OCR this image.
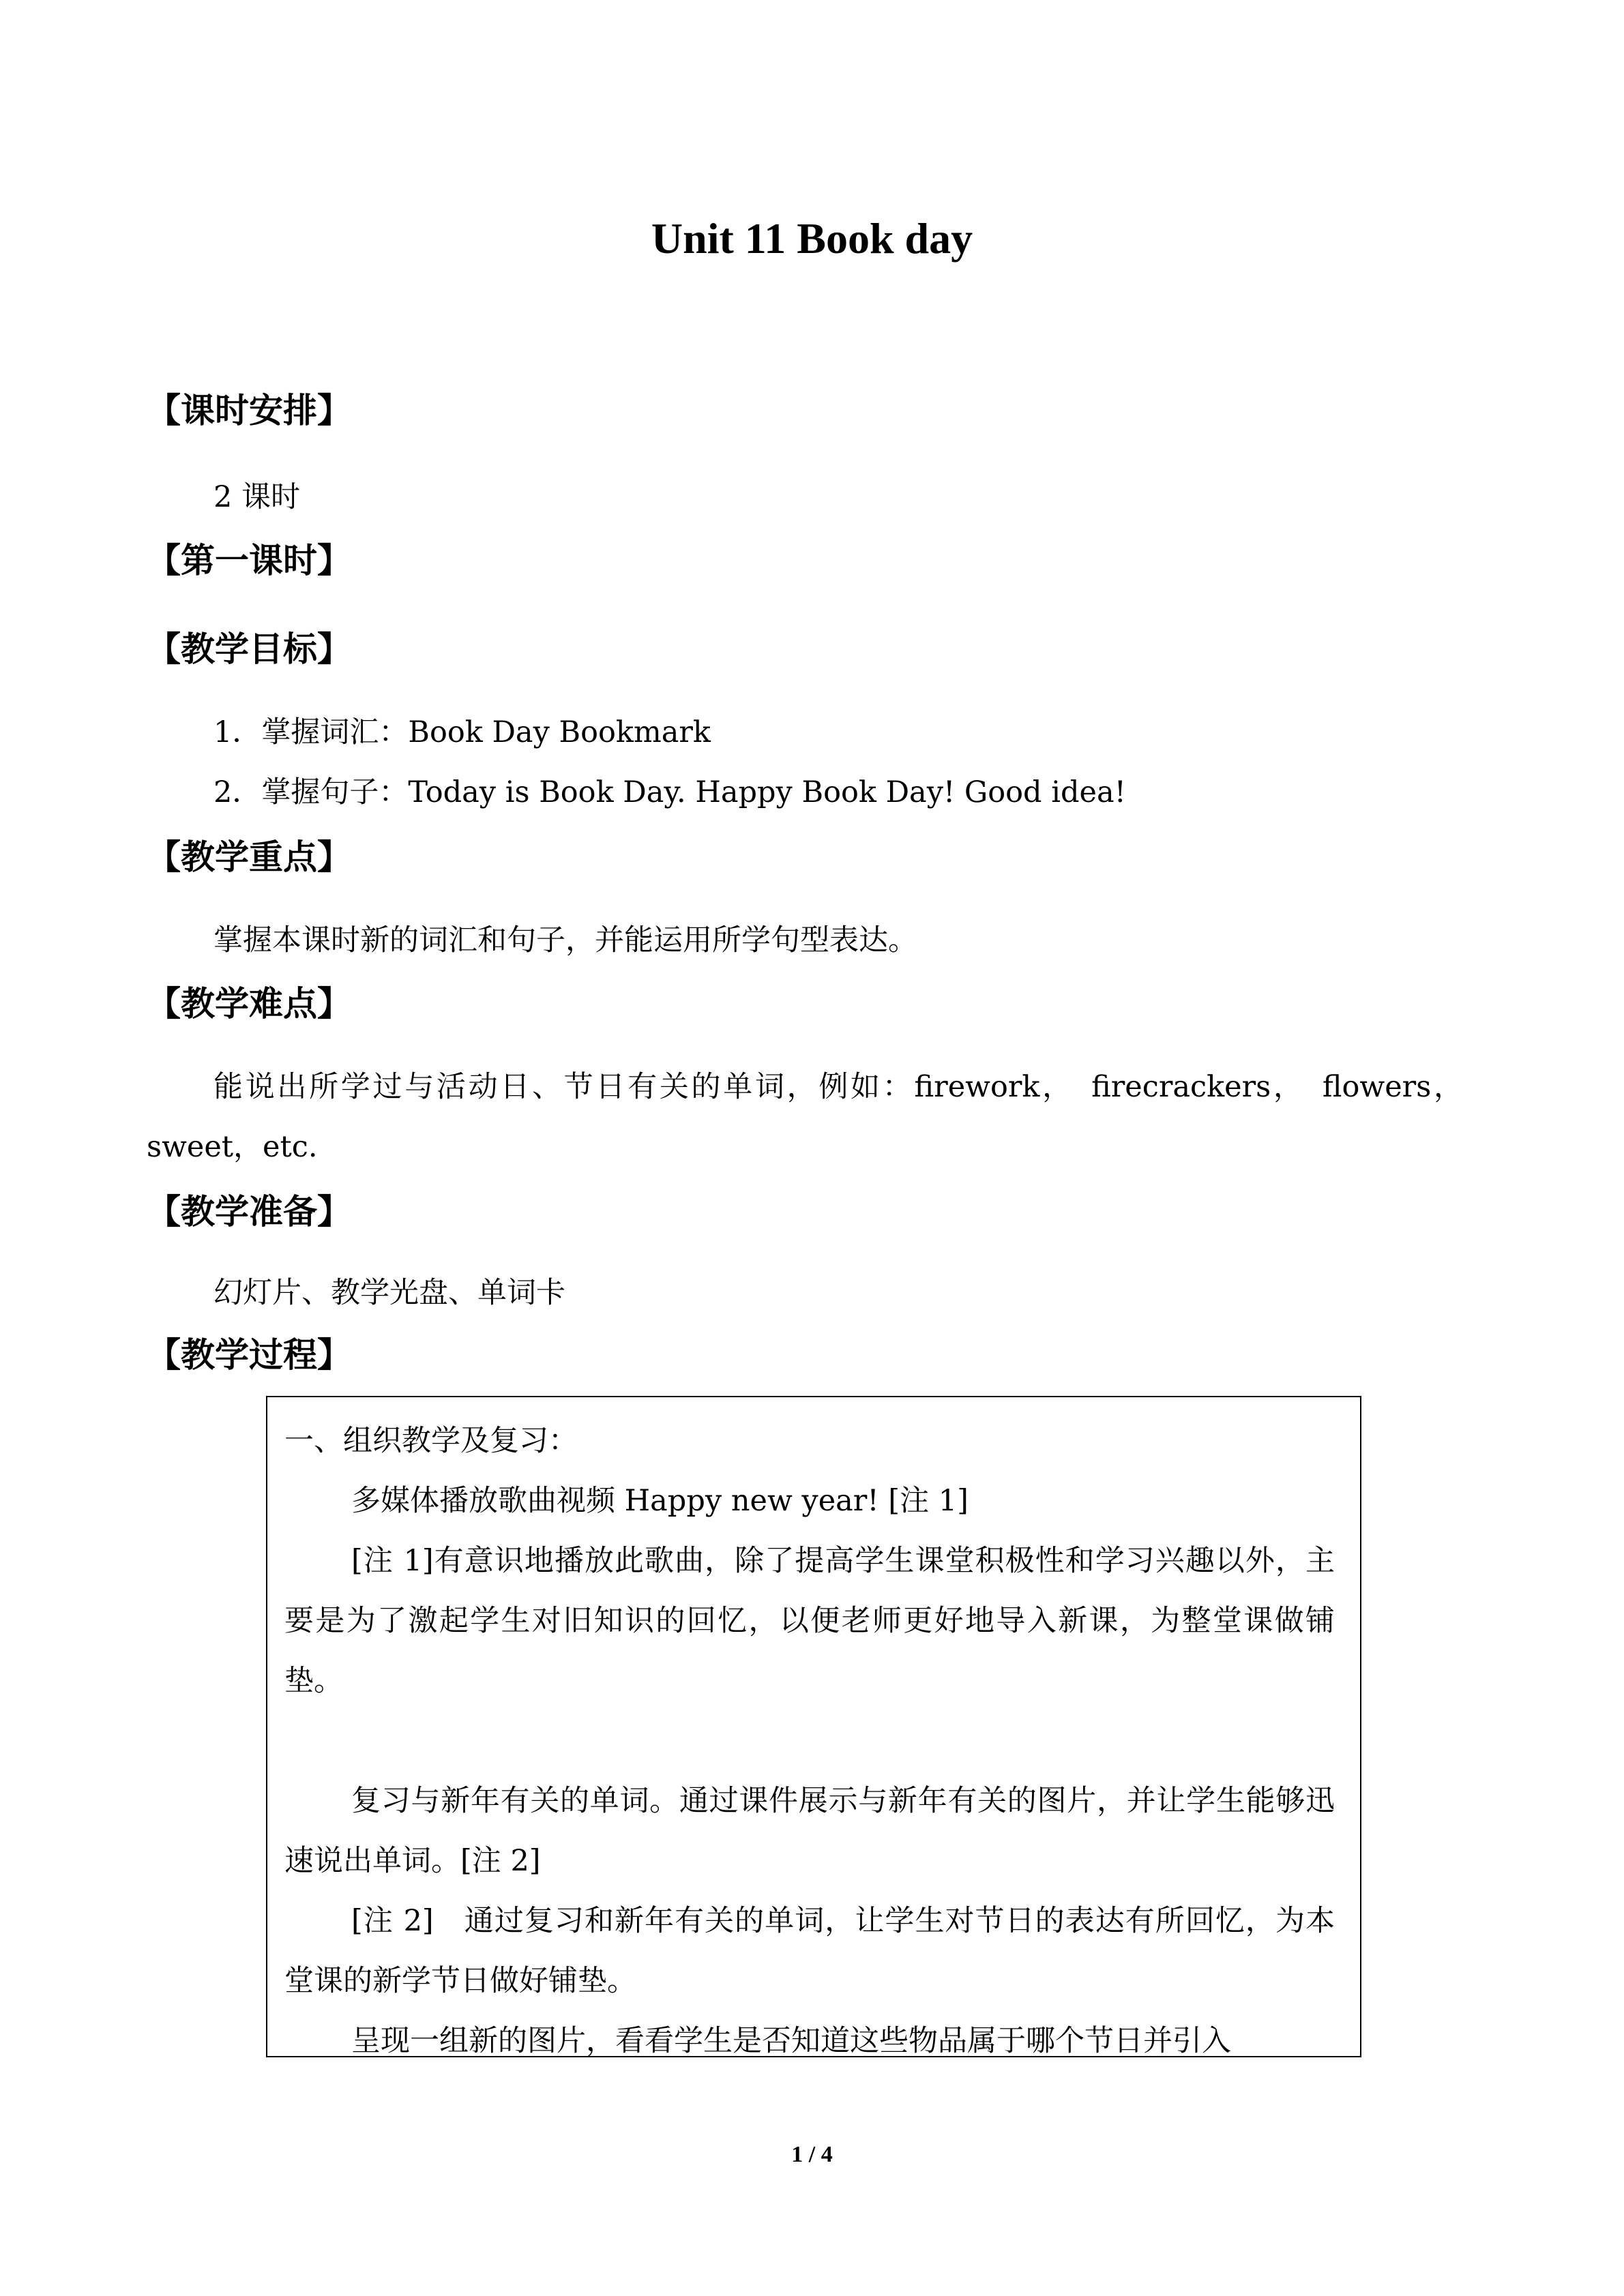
Unit 11 Book day
【课时安排】

2 课时

【第一课时】
【教学目标】

1．掌握词汇：Book Day Bookmark

2．掌握句子：Today is Book Day. Happy Book Day! Good idea!

【教学重点】

掌握本课时新的词汇和句子，并能运用所学句型表达。

【教学难点】

能说出所学过与活动日、节日有关的单词，例如：firework，　firecrackers，　flowers，sweet，etc.

【教学准备】

幻灯片、教学光盘、单词卡

【教学过程】

一、组织教学及复习：

多媒体播放歌曲视频 Happy new year! [注 1]

[注 1]有意识地播放此歌曲，除了提高学生课堂积极性和学习兴趣以外，主要是为了激起学生对旧知识的回忆，以便老师更好地导入新课，为整堂课做铺垫。

复习与新年有关的单词。通过课件展示与新年有关的图片，并让学生能够迅速说出单词。[注 2]

[注 2]　通过复习和新年有关的单词，让学生对节日的表达有所回忆，为本堂课的新学节日做好铺垫。

呈现一组新的图片，看看学生是否知道这些物品属于哪个节日并引入

1 / 4
